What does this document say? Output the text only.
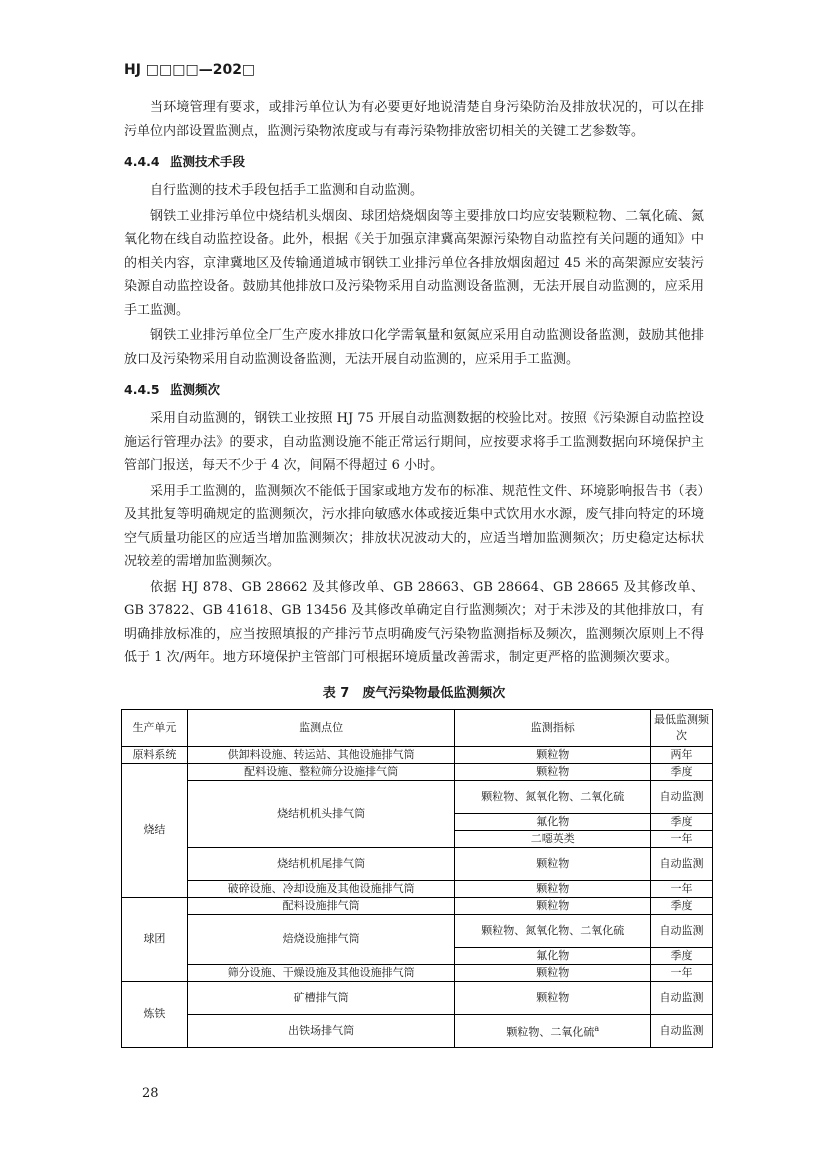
HJ □□□□—202□

当环境管理有要求，或排污单位认为有必要更好地说清楚自身污染防治及排放状况的，可以在排污单位内部设置监测点，监测污染物浓度或与有毒污染物排放密切相关的关键工艺参数等。

4.4.4 监测技术手段

自行监测的技术手段包括手工监测和自动监测。

钢铁工业排污单位中烧结机头烟囱、球团焙烧烟囱等主要排放口均应安装颗粒物、二氧化硫、氮氧化物在线自动监控设备。此外，根据《关于加强京津冀高架源污染物自动监控有关问题的通知》中的相关内容，京津冀地区及传输通道城市钢铁工业排污单位各排放烟囱超过 45 米的高架源应安装污染源自动监控设备。鼓励其他排放口及污染物采用自动监测设备监测，无法开展自动监测的，应采用手工监测。

钢铁工业排污单位全厂生产废水排放口化学需氧量和氨氮应采用自动监测设备监测，鼓励其他排放口及污染物采用自动监测设备监测，无法开展自动监测的，应采用手工监测。

4.4.5 监测频次

采用自动监测的，钢铁工业按照 HJ 75 开展自动监测数据的校验比对。按照《污染源自动监控设施运行管理办法》的要求，自动监测设施不能正常运行期间，应按要求将手工监测数据向环境保护主管部门报送，每天不少于 4 次，间隔不得超过 6 小时。

采用手工监测的，监测频次不能低于国家或地方发布的标准、规范性文件、环境影响报告书（表）及其批复等明确规定的监测频次，污水排向敏感水体或接近集中式饮用水水源，废气排向特定的环境空气质量功能区的应适当增加监测频次；排放状况波动大的，应适当增加监测频次；历史稳定达标状况较差的需增加监测频次。

依据 HJ 878、GB 28662 及其修改单、GB 28663、GB 28664、GB 28665 及其修改单、GB 37822、GB 41618、GB 13456 及其修改单确定自行监测频次；对于未涉及的其他排放口，有明确排放标准的，应当按照填报的产排污节点明确废气污染物监测指标及频次，监测频次原则上不得低于 1 次/两年。地方环境保护主管部门可根据环境质量改善需求，制定更严格的监测频次要求。

表 7　废气污染物最低监测频次
生产单元	监测点位	监测指标	最低监测频次
原料系统	供卸料设施、转运站、其他设施排气筒	颗粒物	两年
烧结	配料设施、整粒筛分设施排气筒	颗粒物	季度
	烧结机机头排气筒	颗粒物、氮氧化物、二氧化硫	自动监测
		氟化物	季度
		二噁英类	一年
	烧结机机尾排气筒	颗粒物	自动监测
	破碎设施、冷却设施及其他设施排气筒	颗粒物	一年
球团	配料设施排气筒	颗粒物	季度
	焙烧设施排气筒	颗粒物、氮氧化物、二氧化硫	自动监测
		氟化物	季度
	筛分设施、干燥设施及其他设施排气筒	颗粒物	一年
炼铁	矿槽排气筒	颗粒物	自动监测
	出铁场排气筒	颗粒物、二氧化硫$^a$	自动监测
28
